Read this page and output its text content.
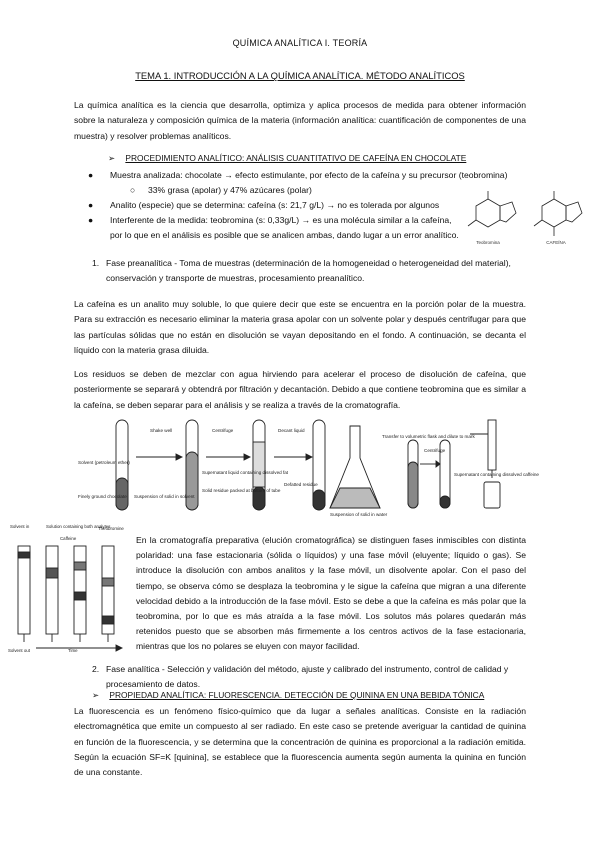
QUÍMICA ANALÍTICA I. TEORÍA
TEMA 1. INTRODUCCIÓN A LA QUÍMICA ANALÍTICA. MÉTODO ANALÍTICOS
La química analítica es la ciencia que desarrolla, optimiza y aplica procesos de medida para obtener información sobre la naturaleza y composición química de la materia (información analítica: cuantificación de componentes de una muestra) y resolver problemas analíticos.
➢ PROCEDIMIENTO ANALÍTICO: ANÁLISIS CUANTITATIVO DE CAFEÍNA EN CHOCOLATE
● Muestra analizada: chocolate → efecto estimulante, por efecto de la cafeína y su precursor (teobromina)
○ 33% grasa (apolar) y 47% azúcares (polar)
● Analito (especie) que se determina: cafeína (s: 21,7 g/L) → no es tolerada por algunos
● Interferente de la medida: teobromina (s: 0,33g/L) → es una molécula similar a la cafeína, por lo que en el análisis es posible que se analicen ambas, dando lugar a un error analítico.
Teobromina	CAFEÍNA
1. Fase preanalítica - Toma de muestras (determinación de la homogeneidad o heterogeneidad del material), conservación y transporte de muestras, procesamiento preanalítico.
La cafeína es un analito muy soluble, lo que quiere decir que este se encuentra en la porción polar de la muestra. Para su extracción es necesario eliminar la materia grasa apolar con un solvente polar y después centrifugar para que las partículas sólidas que no están en disolución se vayan depositando en el fondo. A continuación, se decanta el líquido con la materia grasa diluida.
Los residuos se deben de mezclar con agua hirviendo para acelerar el proceso de disolución de cafeína, que posteriormente se separará y obtendrá por filtración y decantación. Debido a que contiene teobromina que es similar a la cafeína, se deben separar para el análisis y se realiza a través de la cromatografía.
Shake well	Centrifuge	Decant liquid
Solvent (petroleum ether)
Finely ground chocolate Suspension of solid in solvent
Supernatant liquid containing dissolved fat
Solid residue packed at bottom of tube
Defatted residue
Centrifuge
Suspension of solid in water
Transfer to volumetric flask and dilute to mark
Supernatant containing dissolved caffeine
Solvent in	Solution containing both analytes
Caffeine
Theobromine
Solvent out	Time
En la cromatografía preparativa (elución cromatográfica) se distinguen fases inmiscibles con distinta polaridad: una fase estacionaria (sólida o líquidos) y una fase móvil (eluyente; líquido o gas). Se introduce la disolución con ambos analitos y la fase móvil, un disolvente apolar. Con el paso del tiempo, se observa cómo se desplaza la teobromina y le sigue la cafeína que migran a una diferente velocidad debido a la introducción de la fase móvil. Esto se debe a que la cafeína es más polar que la teobromina, por lo que es más atraída a la fase móvil. Los solutos más polares quedarán más retenidos puesto que se absorben más firmemente a los centros activos de la fase estacionaria, mientras que los no polares se eluyen con mayor facilidad.
2. Fase analítica - Selección y validación del método, ajuste y calibrado del instrumento, control de calidad y procesamiento de datos.
➢ PROPIEDAD ANALÍTICA: FLUORESCENCIA. DETECCIÓN DE QUININA EN UNA BEBIDA TÓNICA
La fluorescencia es un fenómeno físico-químico que da lugar a señales analíticas. Consiste en la radiación electromagnética que emite un compuesto al ser radiado. En este caso se pretende averiguar la cantidad de quinina en función de la fluorescencia, y se determina que la concentración de quinina es proporcional a la radiación emitida. Según la ecuación SF=K [quinina], se establece que la fluorescencia aumenta según aumenta la quinina en función de una constante.
